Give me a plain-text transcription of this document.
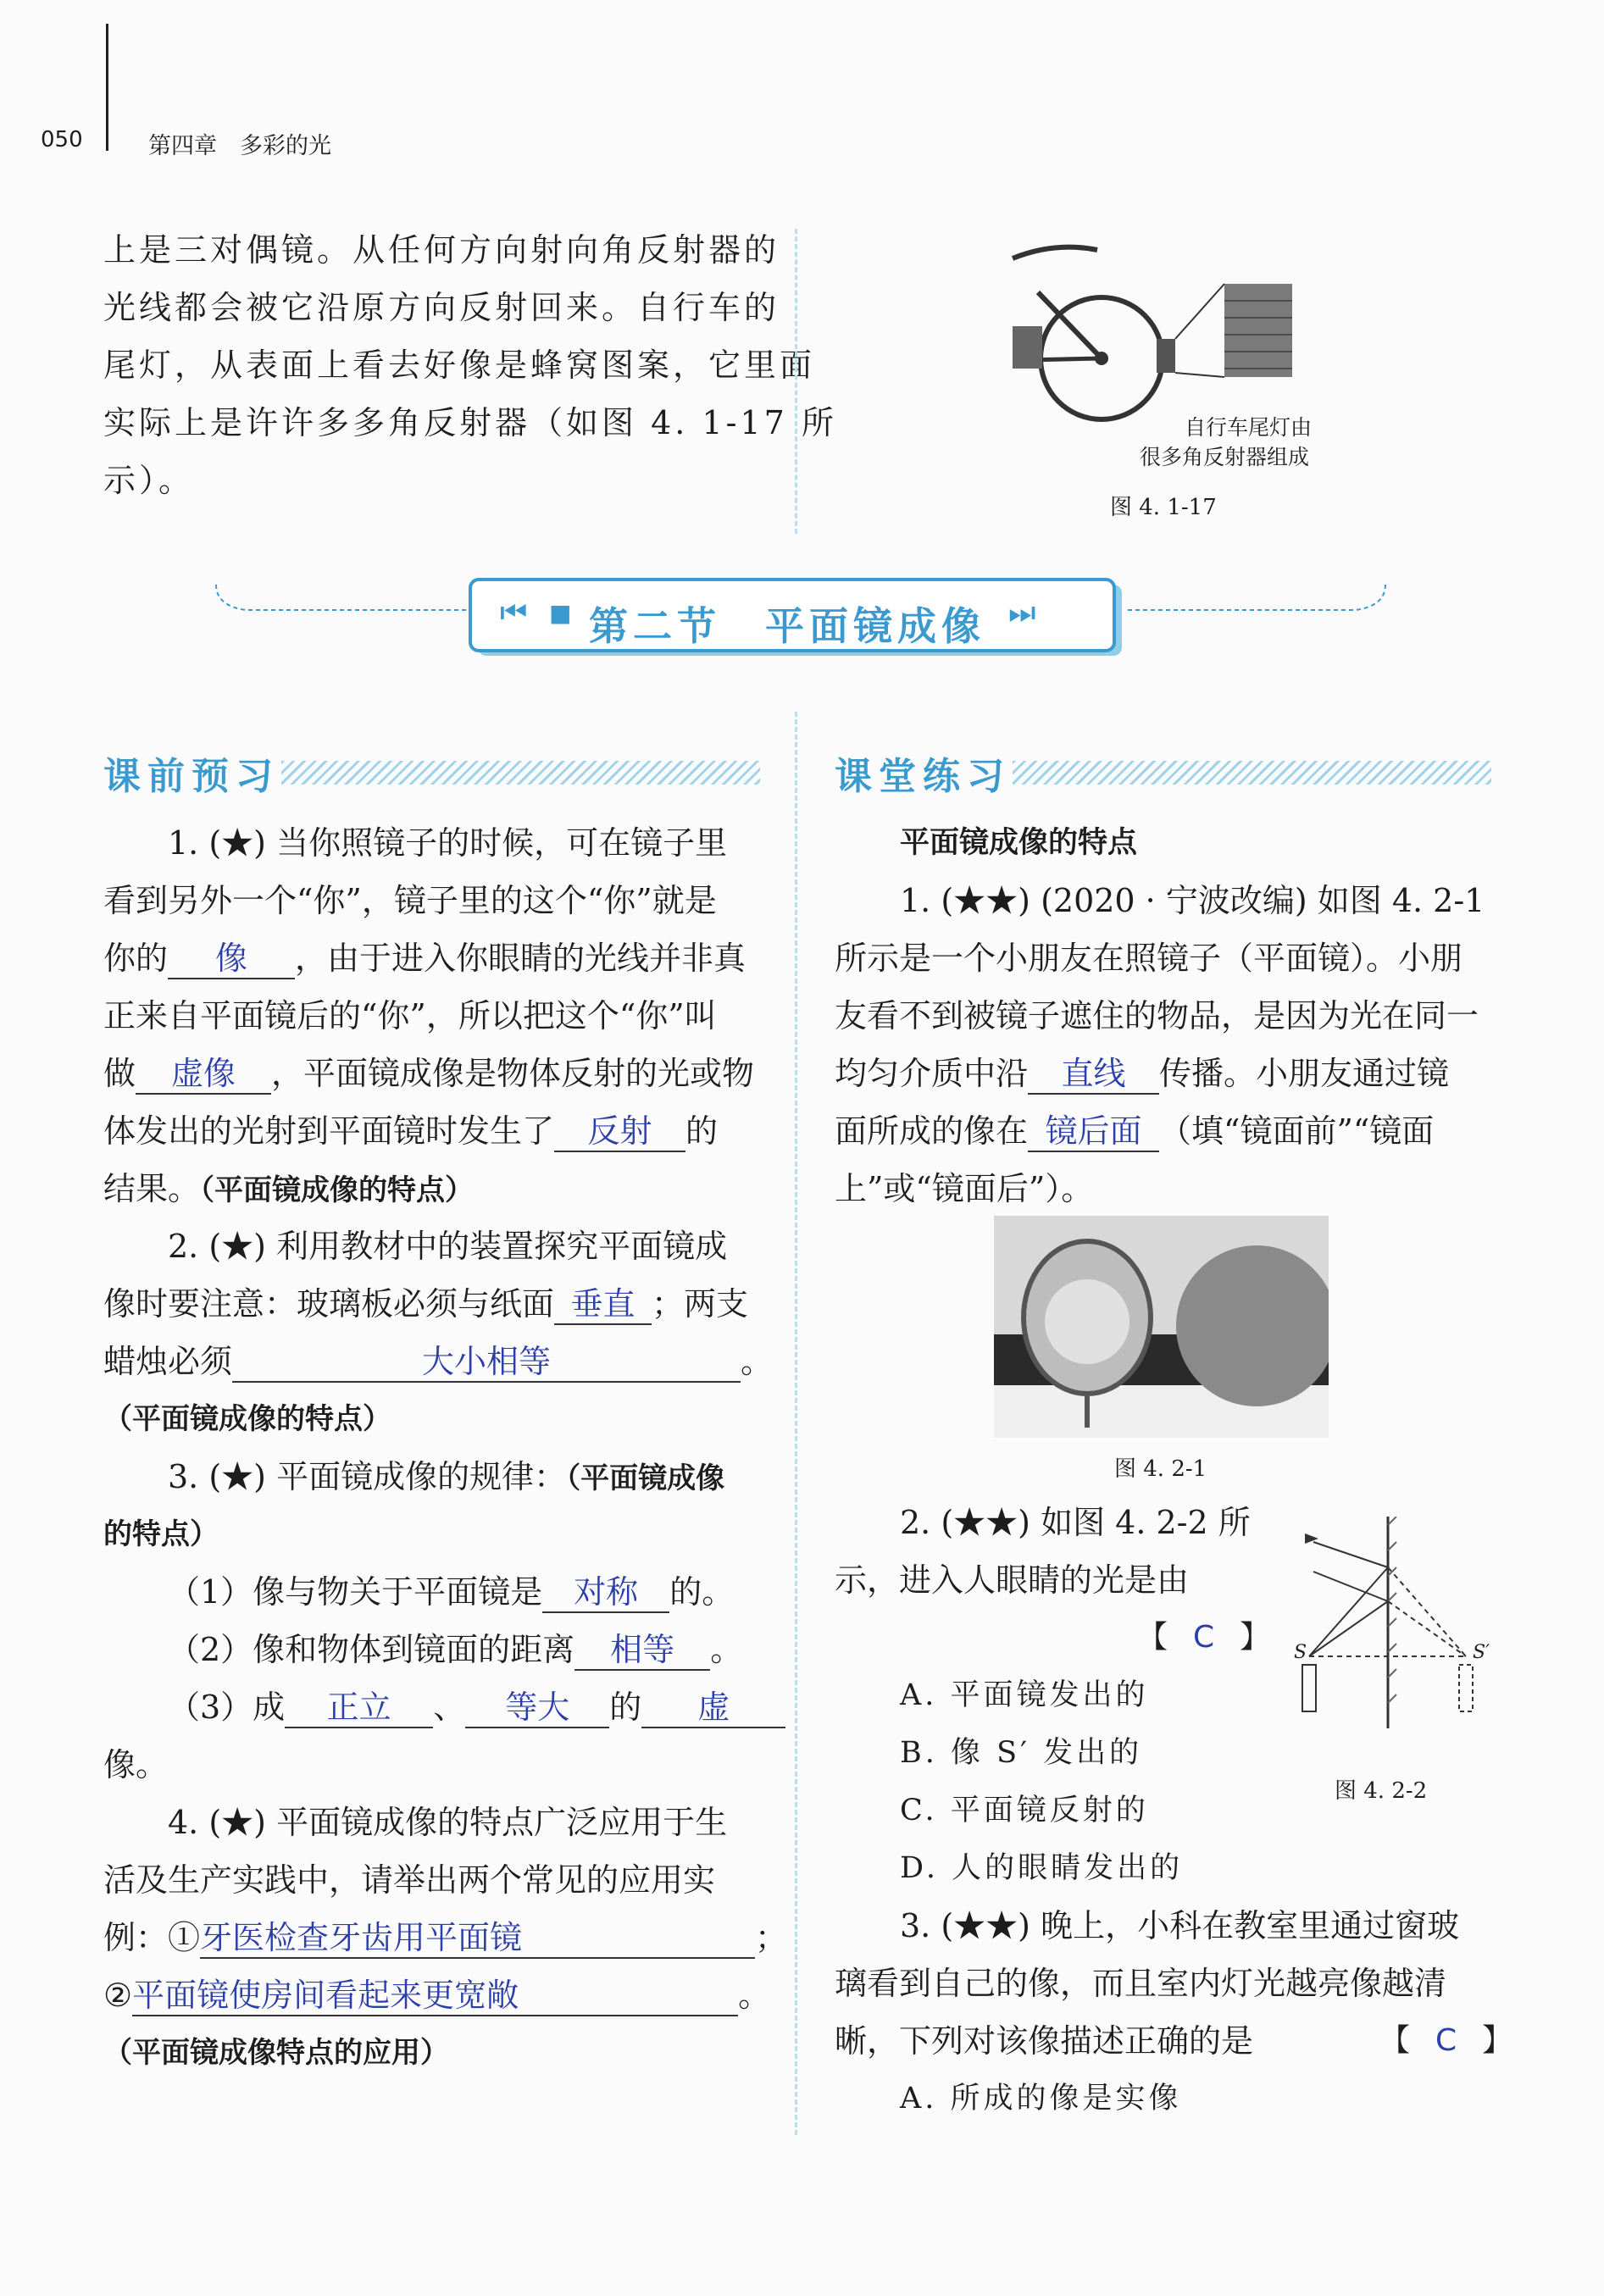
050	第四章　多彩的光
上是三对偶镜。从任何方向射向角反射器的
光线都会被它沿原方向反射回来。自行车的
尾灯，从表面上看去好像是蜂窝图案，它里面
实际上是许许多多角反射器（如图 4. 1-17 所
示）。
自行车尾灯由
很多角反射器组成
图 4. 1-17
⏮ ■ 第二节　平面镜成像 ⏭
课前预习
1. (★) 当你照镜子的时候，可在镜子里
看到另外一个“你”，镜子里的这个“你”就是
你的 像 ，由于进入你眼睛的光线并非真
正来自平面镜后的“你”，所以把这个“你”叫
做 虚像 ，平面镜成像是物体反射的光或物
体发出的光射到平面镜时发生了 反射 的
结果。（平面镜成像的特点）
2. (★) 利用教材中的装置探究平面镜成
像时要注意：玻璃板必须与纸面 垂直 ；两支
蜡烛必须	大小相等	。
（平面镜成像的特点）
3. (★) 平面镜成像的规律：（平面镜成像
的特点）
（1）像与物关于平面镜是 对称 的。
（2）像和物体到镜面的距离 相等 。
（3）成 正立 、 等大 的 虚
像。
4. (★) 平面镜成像的特点广泛应用于生
活及生产实践中，请举出两个常见的应用实
例：①牙医检查牙齿用平面镜	；
②平面镜使房间看起来更宽敞	。
（平面镜成像特点的应用）
课堂练习
平面镜成像的特点
1. (★★) (2020 · 宁波改编) 如图 4. 2-1
所示是一个小朋友在照镜子（平面镜）。小朋
友看不到被镜子遮住的物品，是因为光在同一
均匀介质中沿 直线 传播。小朋友通过镜
面所成的像在 镜后面 （填“镜面前”“镜面
上”或“镜面后”）。
图 4. 2-1
2. (★★) 如图 4. 2-2 所
示，进入人眼睛的光是由
【 C 】
A. 平面镜发出的
B. 像 S′ 发出的
C. 平面镜反射的
D. 人的眼睛发出的
S	S′
图 4. 2-2
3. (★★) 晚上，小科在教室里通过窗玻
璃看到自己的像，而且室内灯光越亮像越清
晰，下列对该像描述正确的是	【 C 】
A. 所成的像是实像
